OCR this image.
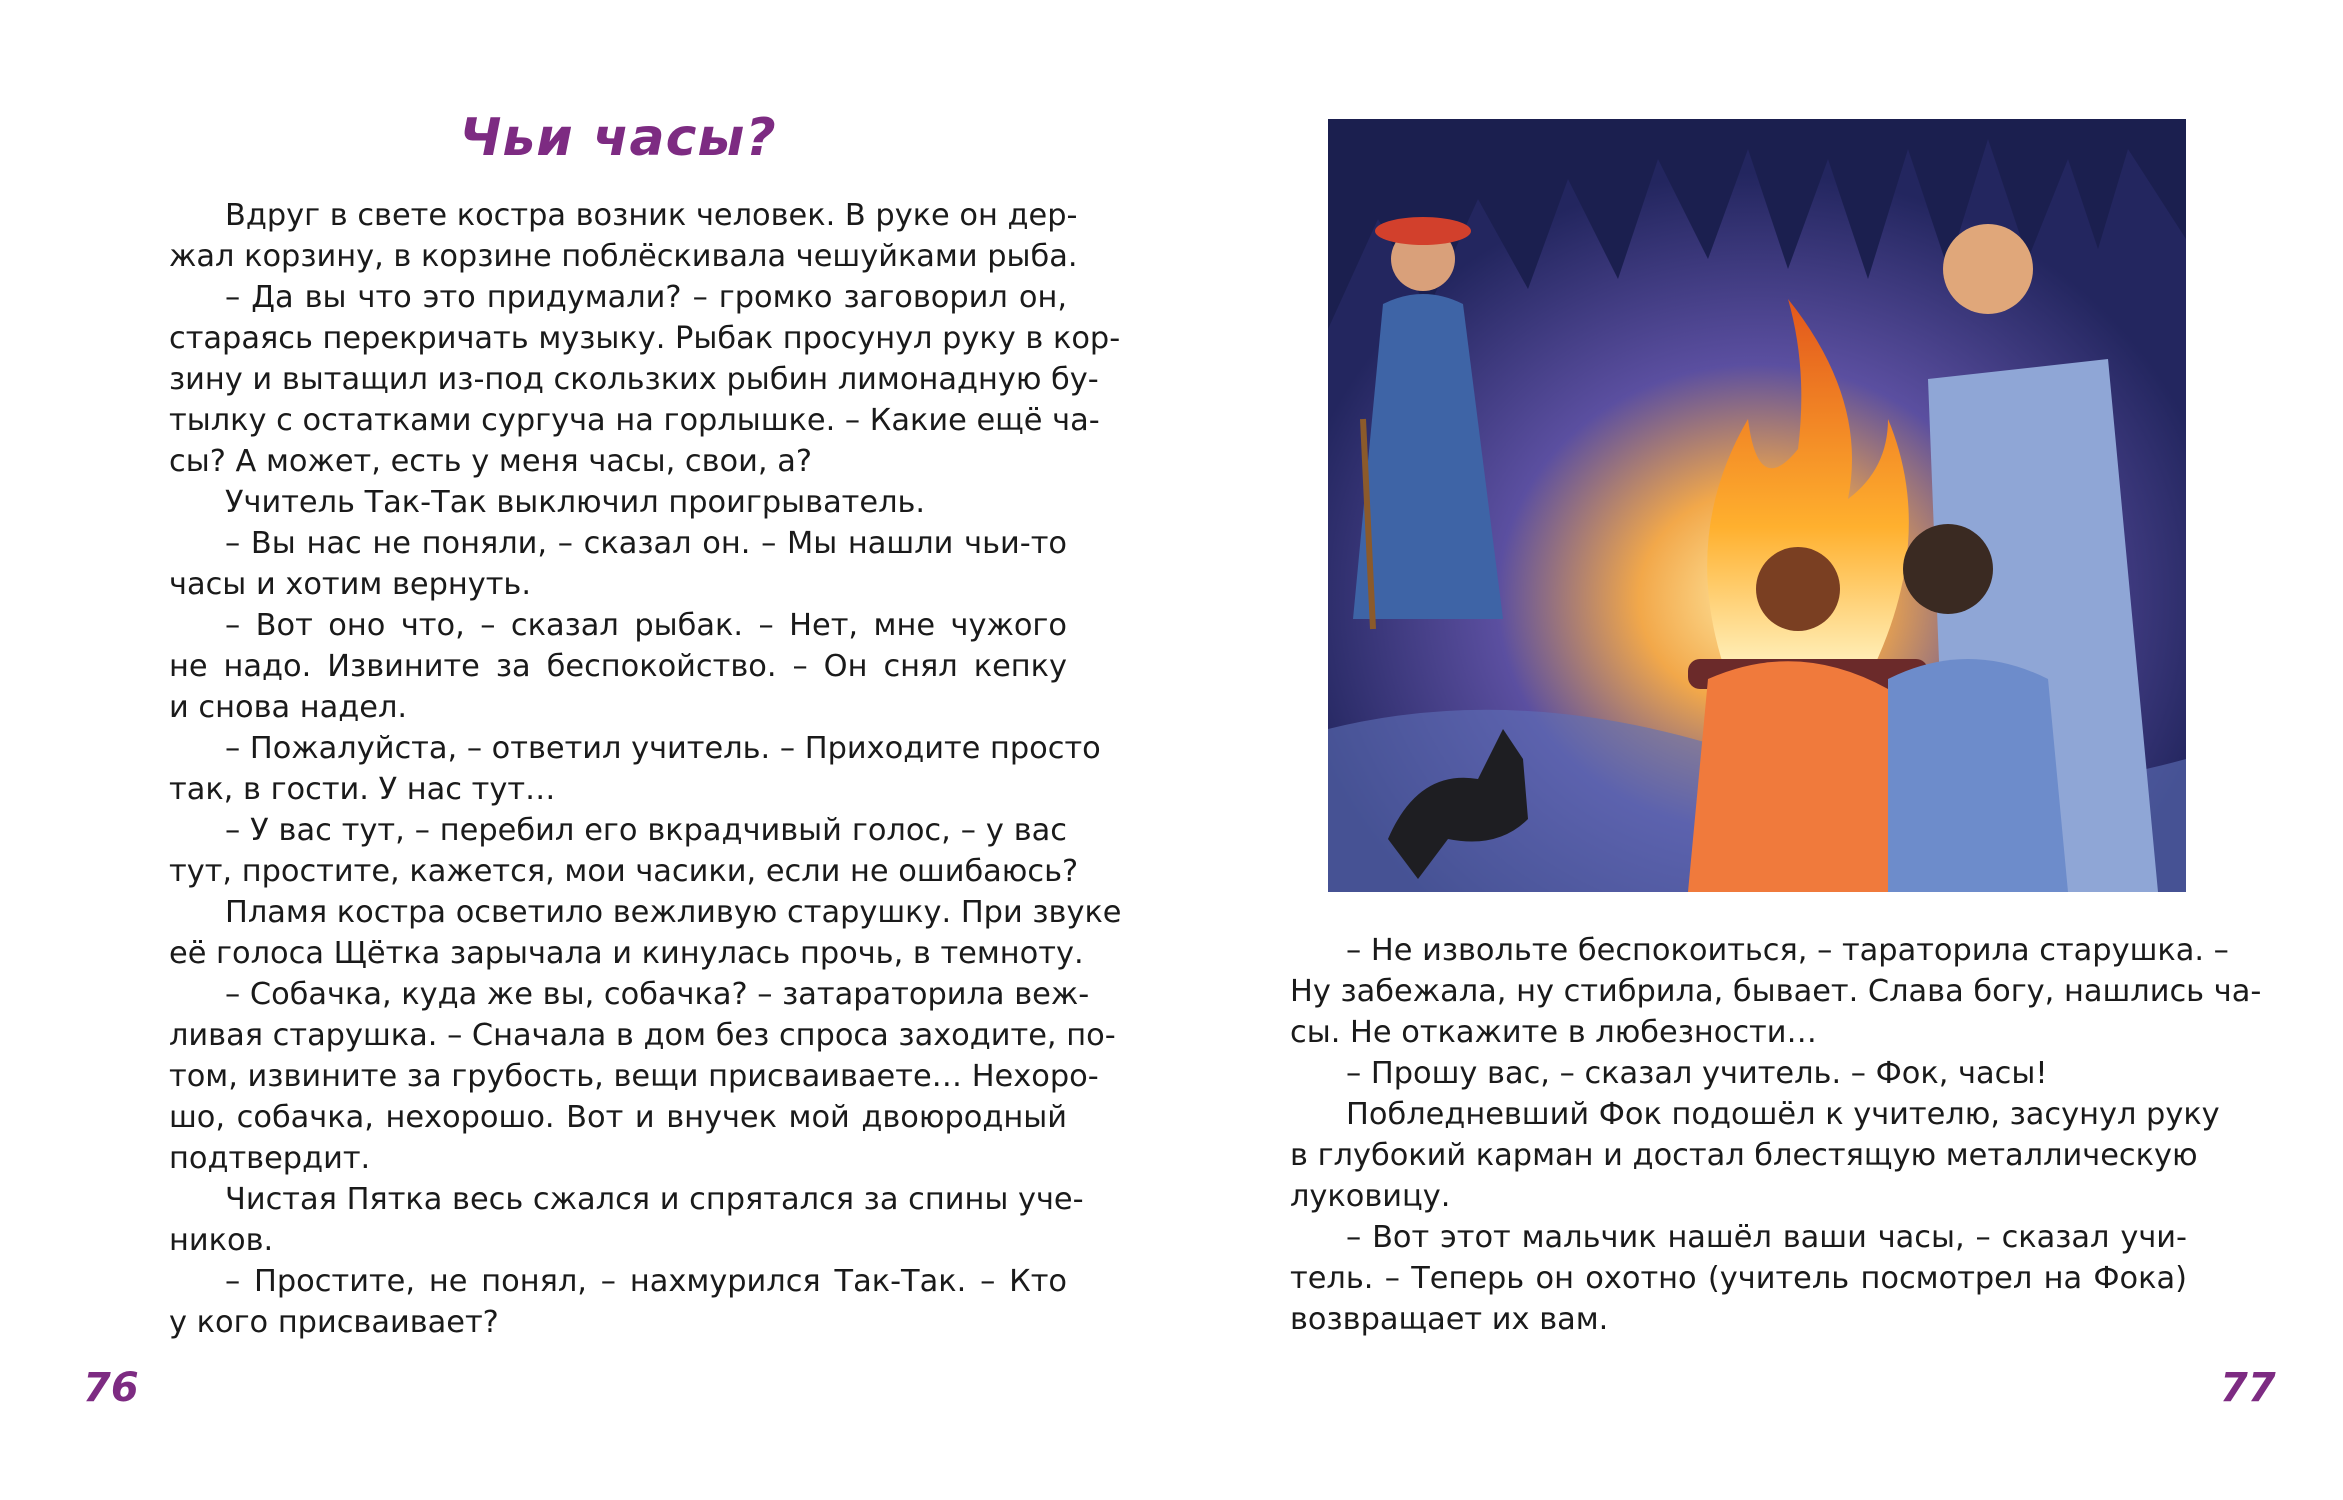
Чьи часы?
Вдруг в свете костра возник человек. В руке он дер-
жал корзину, в корзине поблёскивала чешуйками рыба.
– Да вы что это придумали? – громко заговорил он,
стараясь перекричать музыку. Рыбак просунул руку в кор-
зину и вытащил из-под скользких рыбин лимонадную бу-
тылку с остатками сургуча на горлышке. – Какие ещё ча-
сы? А может, есть у меня часы, свои, а?
Учитель Так-Так выключил проигрыватель.
– Вы нас не поняли, – сказал он. – Мы нашли чьи-то
часы и хотим вернуть.
– Вот оно что, – сказал рыбак. – Нет, мне чужого
не надо. Извините за беспокойство. – Он снял кепку
и снова надел.
– Пожалуйста, – ответил учитель. – Приходите просто
так, в гости. У нас тут…
– У вас тут, – перебил его вкрадчивый голос, – у вас
тут, простите, кажется, мои часики, если не ошибаюсь?
Пламя костра осветило вежливую старушку. При звуке
её голоса Щётка зарычала и кинулась прочь, в темноту.
– Собачка, куда же вы, собачка? – затараторила веж-
ливая старушка. – Сначала в дом без спроса заходите, по-
том, извините за грубость, вещи присваиваете… Нехоро-
шо, собачка, нехорошо. Вот и внучек мой двоюродный
подтвердит.
Чистая Пятка весь сжался и спрятался за спины уче-
ников.
– Простите, не понял, – нахмурился Так-Так. – Кто
у кого присваивает?
76
– Не извольте беспокоиться, – тараторила старушка. –
Ну забежала, ну стибрила, бывает. Слава богу, нашлись ча-
сы. Не откажите в любезности…
– Прошу вас, – сказал учитель. – Фок, часы!
Побледневший Фок подошёл к учителю, засунул руку
в глубокий карман и достал блестящую металлическую
луковицу.
– Вот этот мальчик нашёл ваши часы, – сказал учи-
тель. – Теперь он охотно (учитель посмотрел на Фока)
возвращает их вам.
77
